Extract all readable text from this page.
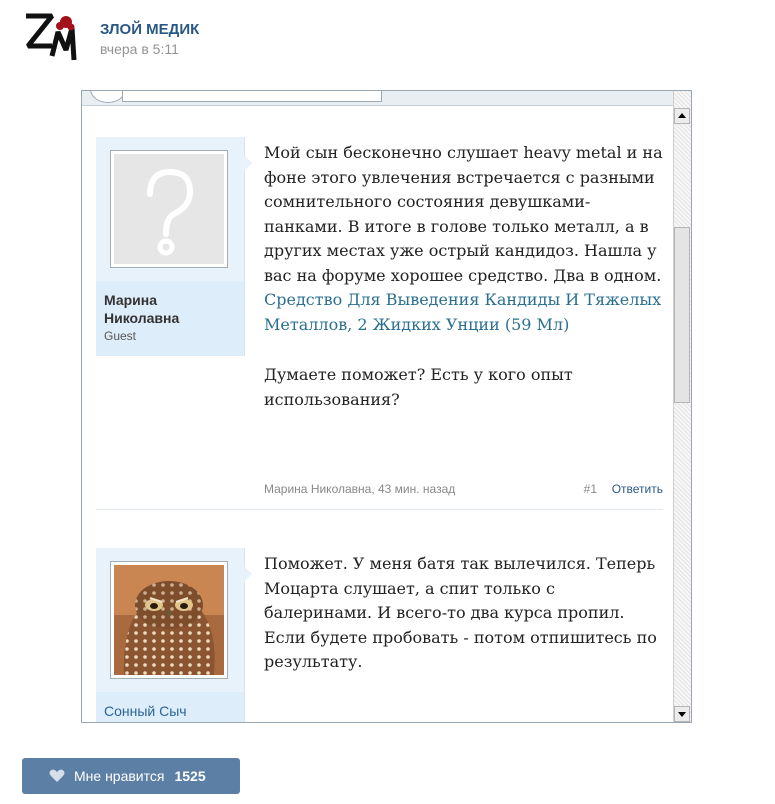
ЗЛОЙ МЕДИК
вчера в 5:11
Марина
Николавна
Guest

Мой сын бесконечно слушает heavy metal и на фоне этого увлечения встречается с разными сомнительного состояния девушками-панками. В итоге в голове только металл, а в других местах уже острый кандидоз. Нашла у вас на форуме хорошее средство. Два в одном. Средство Для Выведения Кандиды И Тяжелых Металлов, 2 Жидких Унции (59 Мл)

Думаете поможет? Есть у кого опыт использования?

Марина Николавна, 43 мин. назад	#1 Ответить
Сонный Сыч

Поможет. У меня батя так вылечился. Теперь Моцарта слушает, а спит только с балеринами. И всего-то два курса пропил. Если будете пробовать - потом отпишитесь по результату.

Мне нравится 1525
